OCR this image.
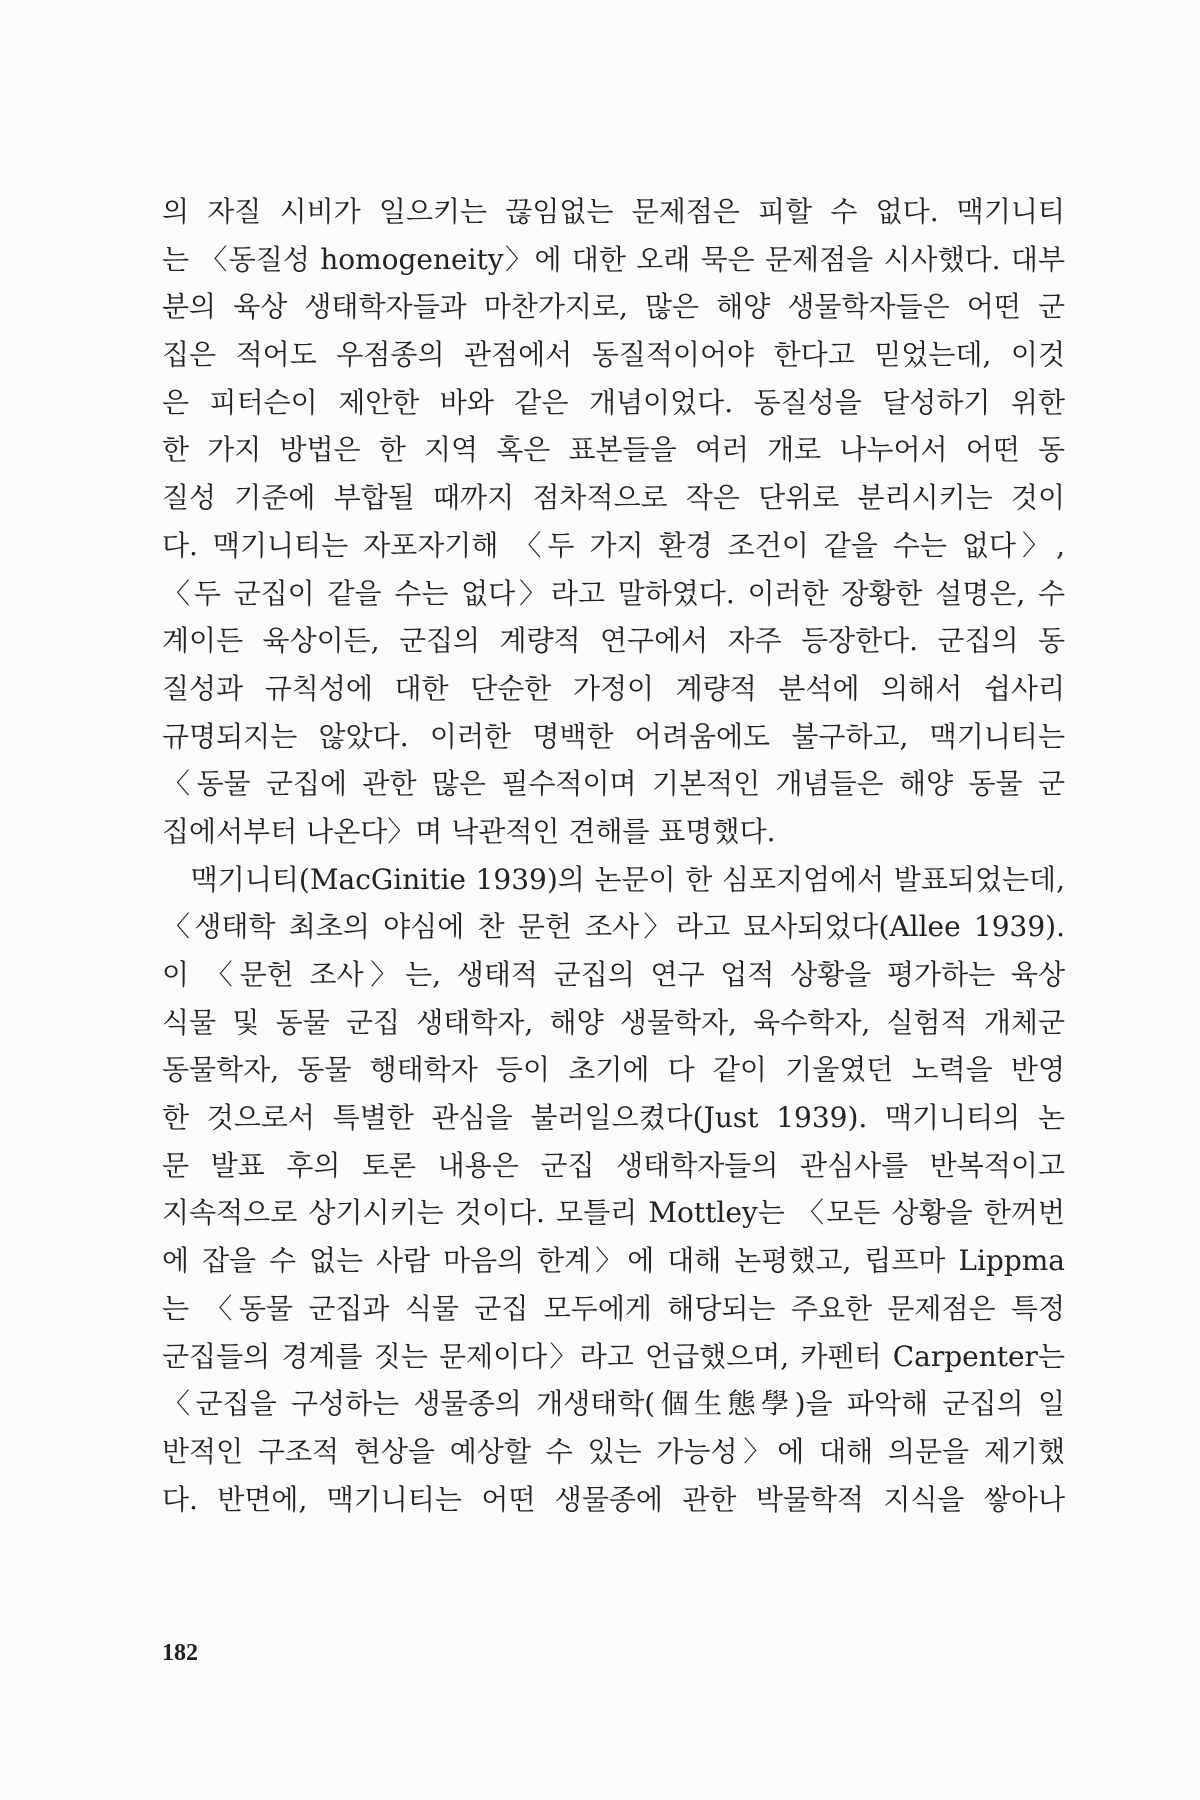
의 자질 시비가 일으키는 끊임없는 문제점은 피할 수 없다. 맥기니티
는 〈동질성 homogeneity〉에 대한 오래 묵은 문제점을 시사했다. 대부
분의 육상 생태학자들과 마찬가지로, 많은 해양 생물학자들은 어떤 군
집은 적어도 우점종의 관점에서 동질적이어야 한다고 믿었는데, 이것
은 피터슨이 제안한 바와 같은 개념이었다. 동질성을 달성하기 위한
한 가지 방법은 한 지역 혹은 표본들을 여러 개로 나누어서 어떤 동
질성 기준에 부합될 때까지 점차적으로 작은 단위로 분리시키는 것이
다. 맥기니티는 자포자기해 〈두 가지 환경 조건이 같을 수는 없다〉,
〈두 군집이 같을 수는 없다〉라고 말하였다. 이러한 장황한 설명은, 수
계이든 육상이든, 군집의 계량적 연구에서 자주 등장한다. 군집의 동
질성과 규칙성에 대한 단순한 가정이 계량적 분석에 의해서 쉽사리
규명되지는 않았다. 이러한 명백한 어려움에도 불구하고, 맥기니티는
〈동물 군집에 관한 많은 필수적이며 기본적인 개념들은 해양 동물 군
집에서부터 나온다〉며 낙관적인 견해를 표명했다.
　맥기니티(MacGinitie 1939)의 논문이 한 심포지엄에서 발표되었는데,
〈생태학 최초의 야심에 찬 문헌 조사〉라고 묘사되었다(Allee 1939).
이 〈문헌 조사〉는, 생태적 군집의 연구 업적 상황을 평가하는 육상
식물 및 동물 군집 생태학자, 해양 생물학자, 육수학자, 실험적 개체군
동물학자, 동물 행태학자 등이 초기에 다 같이 기울였던 노력을 반영
한 것으로서 특별한 관심을 불러일으켰다(Just 1939). 맥기니티의 논
문 발표 후의 토론 내용은 군집 생태학자들의 관심사를 반복적이고
지속적으로 상기시키는 것이다. 모틀리 Mottley는 〈모든 상황을 한꺼번
에 잡을 수 없는 사람 마음의 한계〉에 대해 논평했고, 립프마 Lippma
는 〈동물 군집과 식물 군집 모두에게 해당되는 주요한 문제점은 특정
군집들의 경계를 짓는 문제이다〉라고 언급했으며, 카펜터 Carpenter는
〈군집을 구성하는 생물종의 개생태학(個生態學)을 파악해 군집의 일
반적인 구조적 현상을 예상할 수 있는 가능성〉에 대해 의문을 제기했
다. 반면에, 맥기니티는 어떤 생물종에 관한 박물학적 지식을 쌓아나
182
